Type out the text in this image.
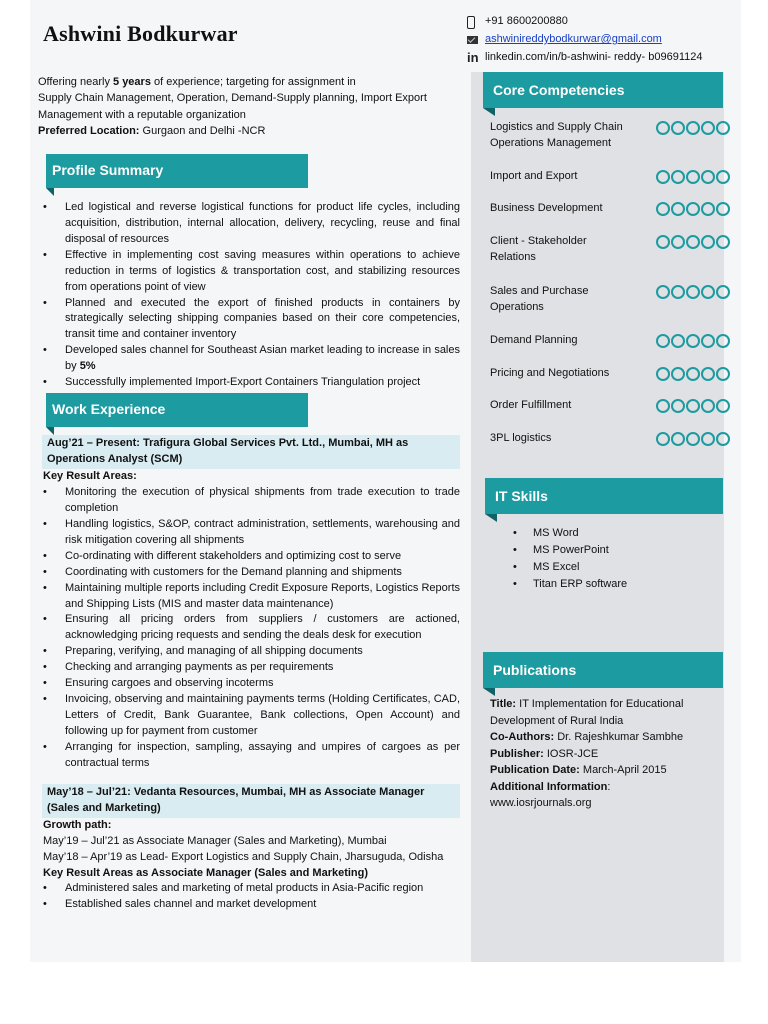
+91 8600200880
ashwinireddybodkurwar@gmail.com
in linkedin.com/in/b-ashwini- reddy- b09691124
Ashwini Bodkurwar
Offering nearly 5 years of experience; targeting for assignment in
Supply Chain Management, Operation, Demand-Supply planning, Import Export Management with a reputable organization
Preferred Location: Gurgaon and Delhi -NCR
Profile Summary
• Led logistical and reverse logistical functions for product life cycles, including acquisition, distribution, internal allocation, delivery, recycling, reuse and final disposal of resources
• Effective in implementing cost saving measures within operations to achieve reduction in terms of logistics & transportation cost, and stabilizing resources from operations point of view
• Planned and executed the export of finished products in containers by strategically selecting shipping companies based on their core competencies, transit time and container inventory
• Developed sales channel for Southeast Asian market leading to increase in sales by 5%
• Successfully implemented Import-Export Containers Triangulation project
Work Experience
Aug’21 – Present: Trafigura Global Services Pvt. Ltd., Mumbai, MH as Operations Analyst (SCM)
Key Result Areas:
• Monitoring the execution of physical shipments from trade execution to trade completion
• Handling logistics, S&OP, contract administration, settlements, warehousing and risk mitigation covering all shipments
• Co-ordinating with different stakeholders and optimizing cost to serve
• Coordinating with customers for the Demand planning and shipments
• Maintaining multiple reports including Credit Exposure Reports, Logistics Reports and Shipping Lists (MIS and master data maintenance)
• Ensuring all pricing orders from suppliers / customers are actioned, acknowledging pricing requests and sending the deals desk for execution
• Preparing, verifying, and managing of all shipping documents
• Checking and arranging payments as per requirements
• Ensuring cargoes and observing incoterms
• Invoicing, observing and maintaining payments terms (Holding Certificates, CAD, Letters of Credit, Bank Guarantee, Bank collections, Open Account) and following up for payment from customer
• Arranging for inspection, sampling, assaying and umpires of cargoes as per contractual terms
May’18 – Jul’21: Vedanta Resources, Mumbai, MH as Associate Manager (Sales and Marketing)
Growth path:
May’19 – Jul’21 as Associate Manager (Sales and Marketing), Mumbai
May’18 – Apr’19 as Lead- Export Logistics and Supply Chain, Jharsuguda, Odisha
Key Result Areas as Associate Manager (Sales and Marketing)
• Administered sales and marketing of metal products in Asia-Pacific region
• Established sales channel and market development
Core Competencies
Logistics and Supply Chain Operations Management
Import and Export
Business Development
Client - Stakeholder Relations
Sales and Purchase Operations
Demand Planning
Pricing and Negotiations
Order Fulfillment
3PL logistics
IT Skills
• MS Word
• MS PowerPoint
• MS Excel
• Titan ERP software
Publications
Title: IT Implementation for Educational Development of Rural India
Co-Authors: Dr. Rajeshkumar Sambhe
Publisher: IOSR-JCE
Publication Date: March-April 2015
Additional Information:
www.iosrjournals.org
